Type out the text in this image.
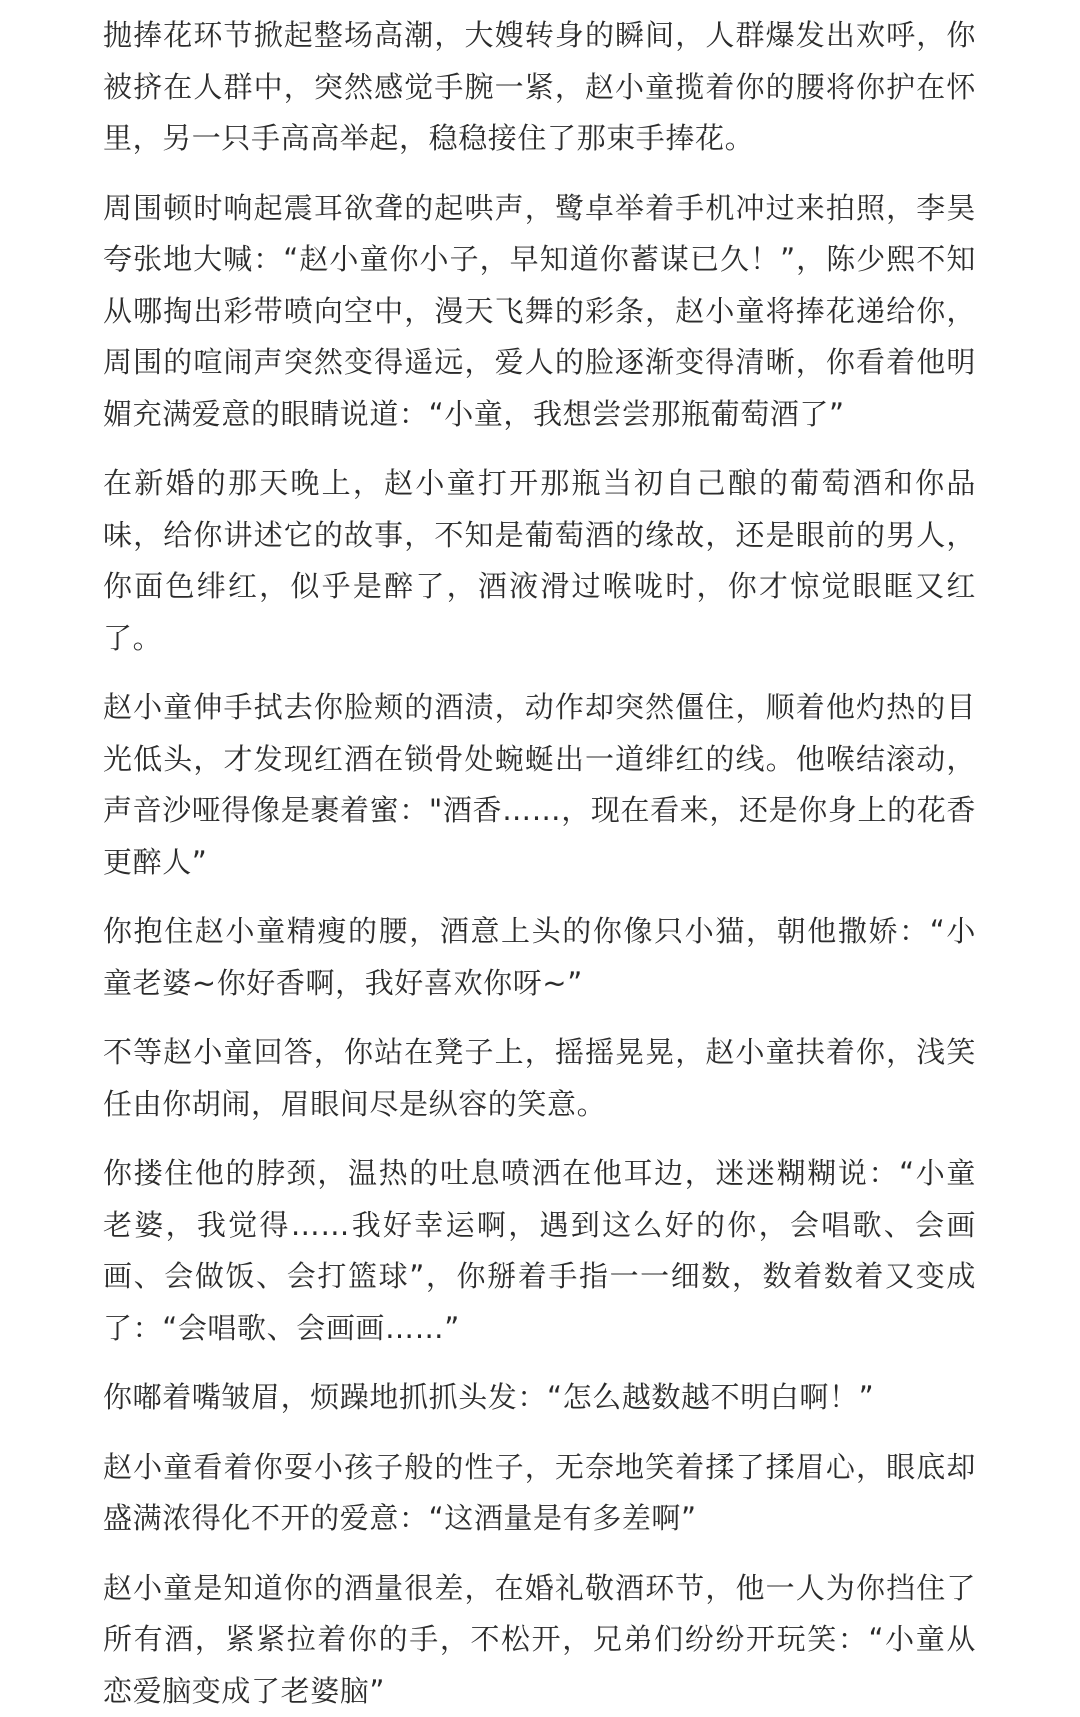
抛捧花环节掀起整场高潮，大嫂转身的瞬间，人群爆发出欢呼，你被挤在人群中，突然感觉手腕一紧，赵小童揽着你的腰将你护在怀里，另一只手高高举起，稳稳接住了那束手捧花。

周围顿时响起震耳欲聋的起哄声，鹭卓举着手机冲过来拍照，李昊夸张地大喊：“赵小童你小子，早知道你蓄谋已久！”，陈少熙不知从哪掏出彩带喷向空中，漫天飞舞的彩条，赵小童将捧花递给你，周围的喧闹声突然变得遥远，爱人的脸逐渐变得清晰，你看着他明媚充满爱意的眼睛说道：“小童，我想尝尝那瓶葡萄酒了”

在新婚的那天晚上，赵小童打开那瓶当初自己酿的葡萄酒和你品味，给你讲述它的故事，不知是葡萄酒的缘故，还是眼前的男人，你面色绯红，似乎是醉了，酒液滑过喉咙时，你才惊觉眼眶又红了。

赵小童伸手拭去你脸颊的酒渍，动作却突然僵住，顺着他灼热的目光低头，才发现红酒在锁骨处蜿蜒出一道绯红的线。他喉结滚动，声音沙哑得像是裹着蜜："酒香……，现在看来，还是你身上的花香更醉人”

你抱住赵小童精瘦的腰，酒意上头的你像只小猫，朝他撒娇：“小童老婆~你好香啊，我好喜欢你呀~”

不等赵小童回答，你站在凳子上，摇摇晃晃，赵小童扶着你，浅笑任由你胡闹，眉眼间尽是纵容的笑意。

你搂住他的脖颈，温热的吐息喷洒在他耳边，迷迷糊糊说：“小童老婆，我觉得……我好幸运啊，遇到这么好的你，会唱歌、会画画、会做饭、会打篮球”，你掰着手指一一细数，数着数着又变成了：“会唱歌、会画画……”

你嘟着嘴皱眉，烦躁地抓抓头发：“怎么越数越不明白啊！”

赵小童看着你耍小孩子般的性子，无奈地笑着揉了揉眉心，眼底却盛满浓得化不开的爱意：“这酒量是有多差啊”

赵小童是知道你的酒量很差，在婚礼敬酒环节，他一人为你挡住了所有酒，紧紧拉着你的手，不松开，兄弟们纷纷开玩笑：“小童从恋爱脑变成了老婆脑”
